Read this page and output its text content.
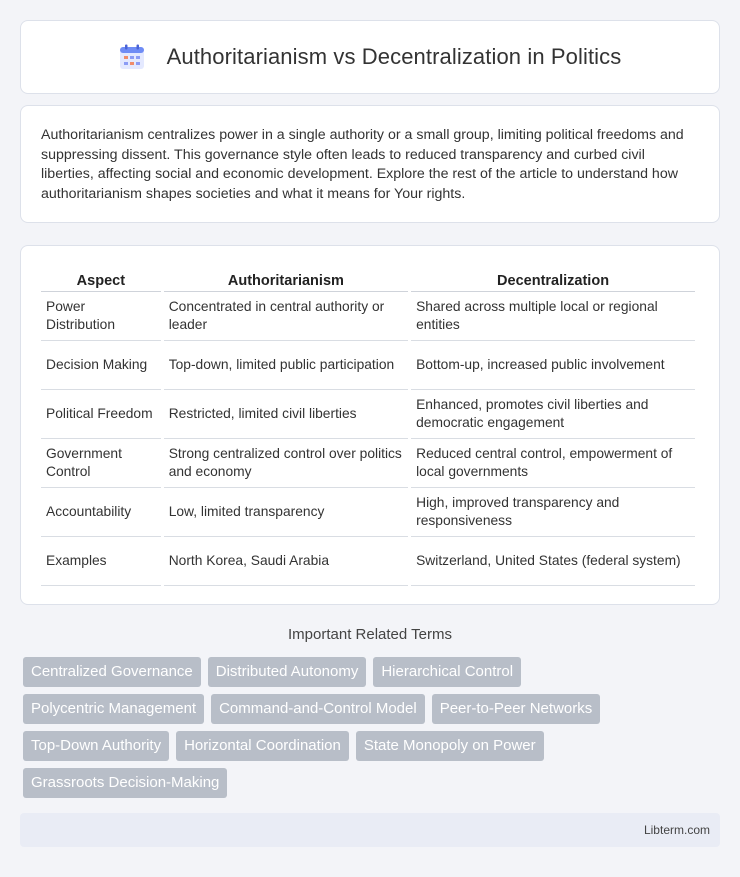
Authoritarianism vs Decentralization in Politics

Authoritarianism centralizes power in a single authority or a small group, limiting political freedoms and suppressing dissent. This governance style often leads to reduced transparency and curbed civil liberties, affecting social and economic development. Explore the rest of the article to understand how authoritarianism shapes societies and what it means for Your rights.

Aspect	Authoritarianism	Decentralization
Power Distribution	Concentrated in central authority or leader	Shared across multiple local or regional entities
Decision Making	Top-down, limited public participation	Bottom-up, increased public involvement
Political Freedom	Restricted, limited civil liberties	Enhanced, promotes civil liberties and democratic engagement
Government Control	Strong centralized control over politics and economy	Reduced central control, empowerment of local governments
Accountability	Low, limited transparency	High, improved transparency and responsiveness
Examples	North Korea, Saudi Arabia	Switzerland, United States (federal system)
Important Related Terms
Centralized Governance	Distributed Autonomy	Hierarchical Control
Polycentric Management	Command-and-Control Model	Peer-to-Peer Networks
Top-Down Authority	Horizontal Coordination	State Monopoly on Power
Grassroots Decision-Making
Libterm.com
